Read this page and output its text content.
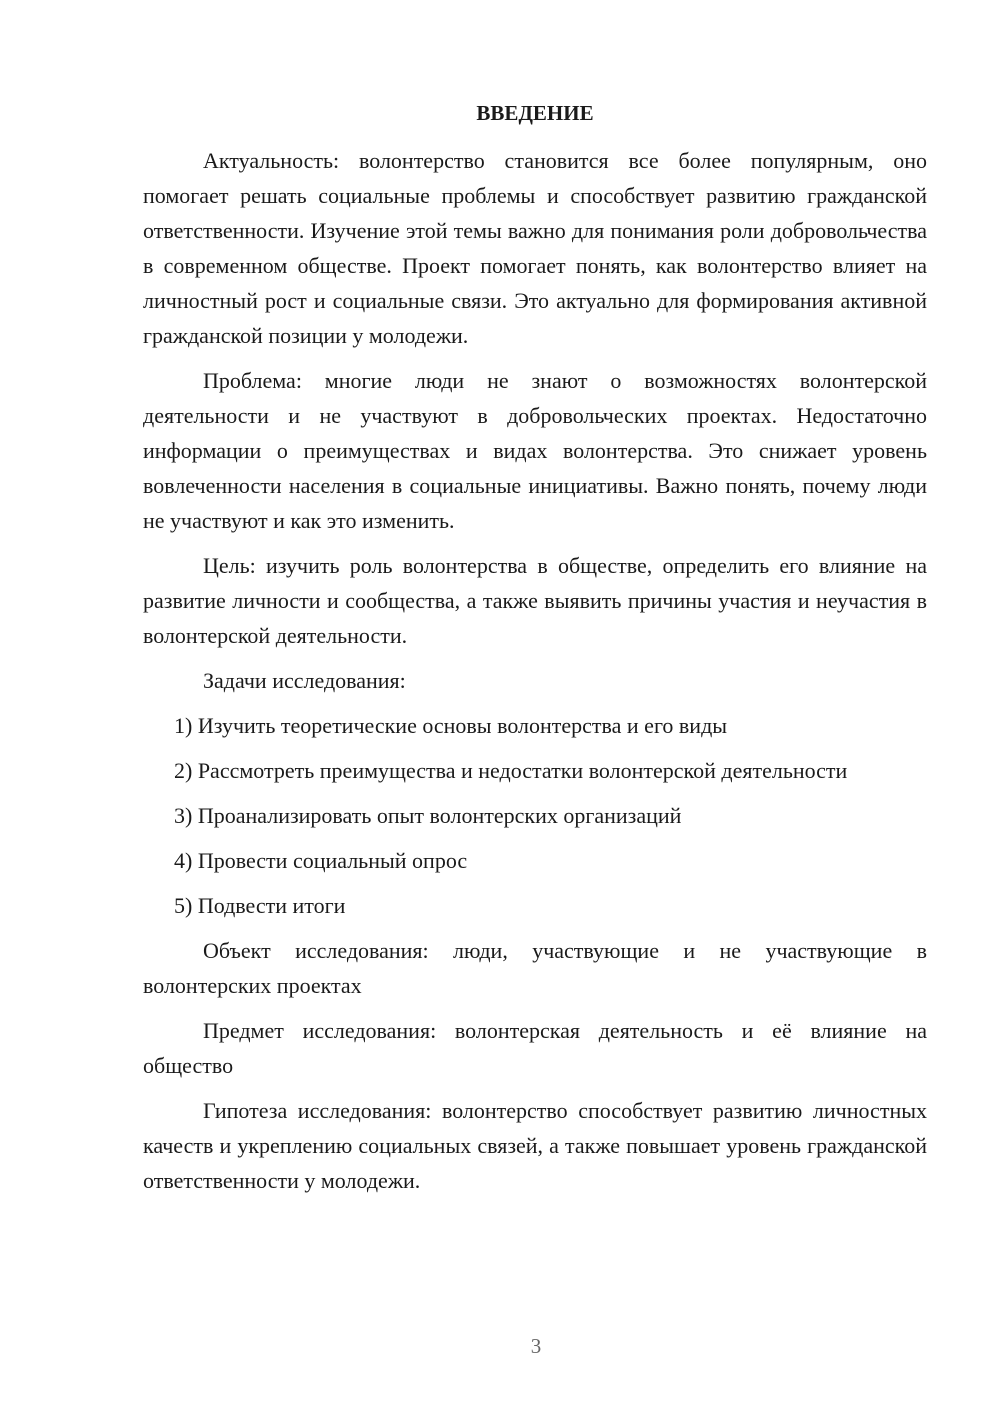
ВВЕДЕНИЕ

Актуальность: волонтерство становится все более популярным, оно помогает решать социальные проблемы и способствует развитию гражданской ответственности. Изучение этой темы важно для понимания роли добровольчества в современном обществе. Проект помогает понять, как волонтерство влияет на личностный рост и социальные связи. Это актуально для формирования активной гражданской позиции у молодежи.

Проблема: многие люди не знают о возможностях волонтерской деятельности и не участвуют в добровольческих проектах. Недостаточно информации о преимуществах и видах волонтерства. Это снижает уровень вовлеченности населения в социальные инициативы. Важно понять, почему люди не участвуют и как это изменить.

Цель: изучить роль волонтерства в обществе, определить его влияние на развитие личности и сообщества, а также выявить причины участия и неучастия в волонтерской деятельности.

Задачи исследования:

1) Изучить теоретические основы волонтерства и его виды

2) Рассмотреть преимущества и недостатки волонтерской деятельности

3) Проанализировать опыт волонтерских организаций

4) Провести социальный опрос

5) Подвести итоги

Объект исследования: люди, участвующие и не участвующие в волонтерских проектах

Предмет исследования: волонтерская деятельность и её влияние на общество

Гипотеза исследования: волонтерство способствует развитию личностных качеств и укреплению социальных связей, а также повышает уровень гражданской ответственности у молодежи.

3
